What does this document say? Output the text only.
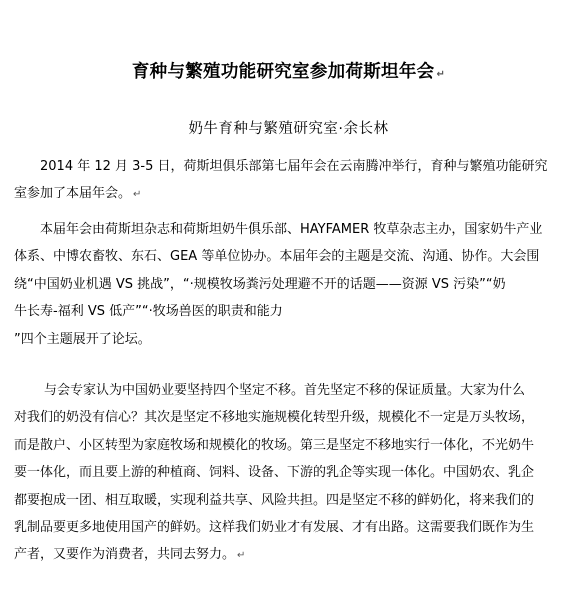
育种与繁殖功能研究室参加荷斯坦年会 ↵
奶牛育种与繁殖研究室·余长林
2014 年 12 月 3-5 日，荷斯坦俱乐部第七届年会在云南腾冲举行，育种与繁殖功能研究
室参加了本届年会。 ↵
本届年会由荷斯坦杂志和荷斯坦奶牛俱乐部、HAYFAMER 牧草杂志主办，国家奶牛产业
体系、中博农畜牧、东石、GEA 等单位协办。本届年会的主题是交流、沟通、协作。大会围
绕“中国奶业机遇 VS 挑战”，“·规模牧场粪污处理避不开的话题——资源 VS 污染”“奶
牛长寿-福利 VS 低产”“·牧场兽医的职责和能力
”四个主题展开了论坛。
与会专家认为中国奶业要坚持四个坚定不移。首先坚定不移的保证质量。大家为什么
对我们的奶没有信心？其次是坚定不移地实施规模化转型升级，规模化不一定是万头牧场，
而是散户、小区转型为家庭牧场和规模化的牧场。第三是坚定不移地实行一体化，不光奶牛
要一体化，而且要上游的种植商、饲料、设备、下游的乳企等实现一体化。中国奶农、乳企
都要抱成一团、相互取暖，实现利益共享、风险共担。四是坚定不移的鲜奶化，将来我们的
乳制品要更多地使用国产的鲜奶。这样我们奶业才有发展、才有出路。这需要我们既作为生
产者，又要作为消费者，共同去努力。 ↵
